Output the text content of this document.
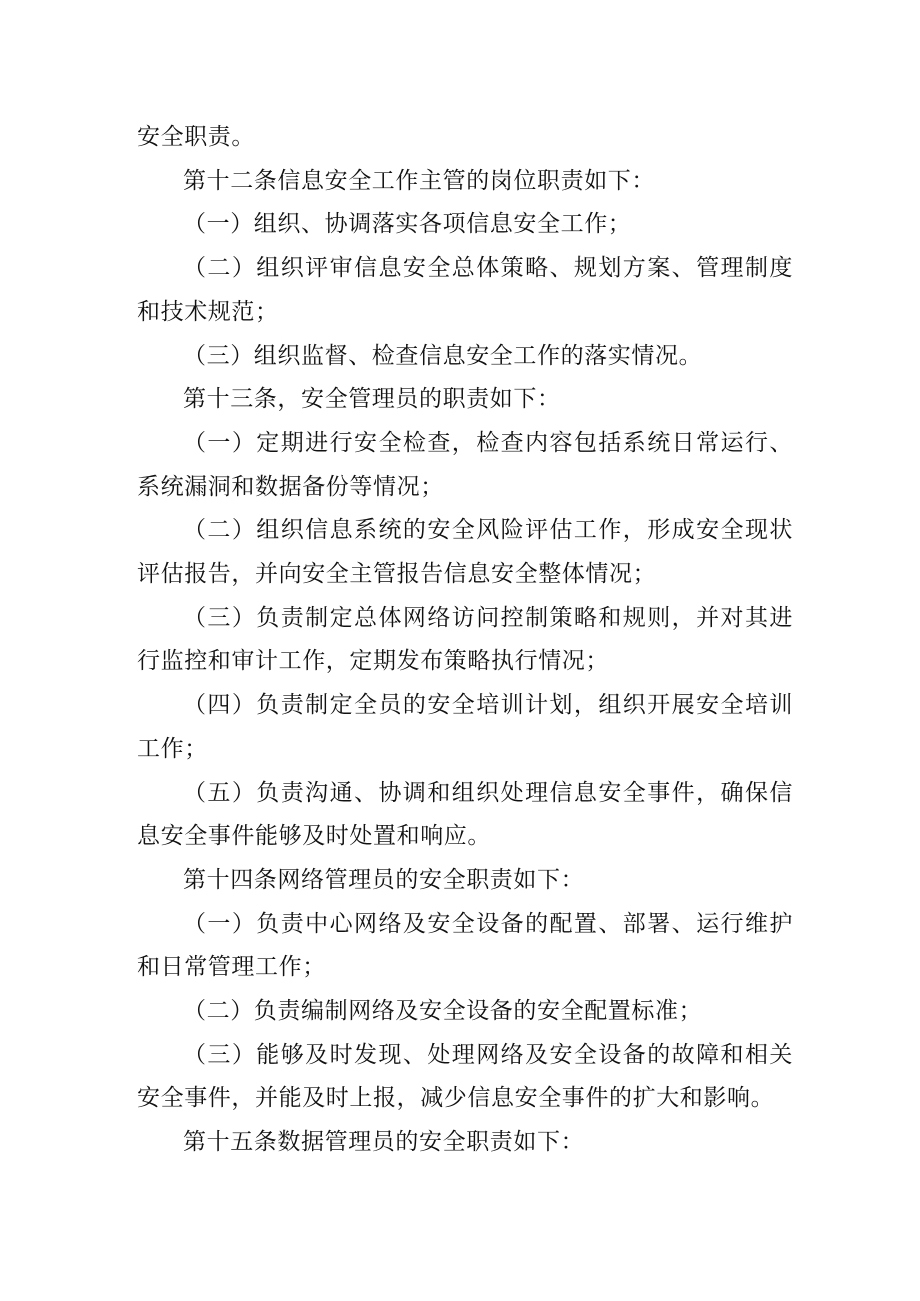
安全职责。

第十二条信息安全工作主管的岗位职责如下：

（一）组织、协调落实各项信息安全工作；

（二）组织评审信息安全总体策略、规划方案、管理制度和技术规范；

（三）组织监督、检查信息安全工作的落实情况。

第十三条，安全管理员的职责如下：

（一）定期进行安全检查，检查内容包括系统日常运行、系统漏洞和数据备份等情况；

（二）组织信息系统的安全风险评估工作，形成安全现状评估报告，并向安全主管报告信息安全整体情况；

（三）负责制定总体网络访问控制策略和规则，并对其进行监控和审计工作，定期发布策略执行情况；

（四）负责制定全员的安全培训计划，组织开展安全培训工作；

（五）负责沟通、协调和组织处理信息安全事件，确保信息安全事件能够及时处置和响应。

第十四条网络管理员的安全职责如下：

（一）负责中心网络及安全设备的配置、部署、运行维护和日常管理工作；

（二）负责编制网络及安全设备的安全配置标准；

（三）能够及时发现、处理网络及安全设备的故障和相关安全事件，并能及时上报，减少信息安全事件的扩大和影响。

第十五条数据管理员的安全职责如下：
